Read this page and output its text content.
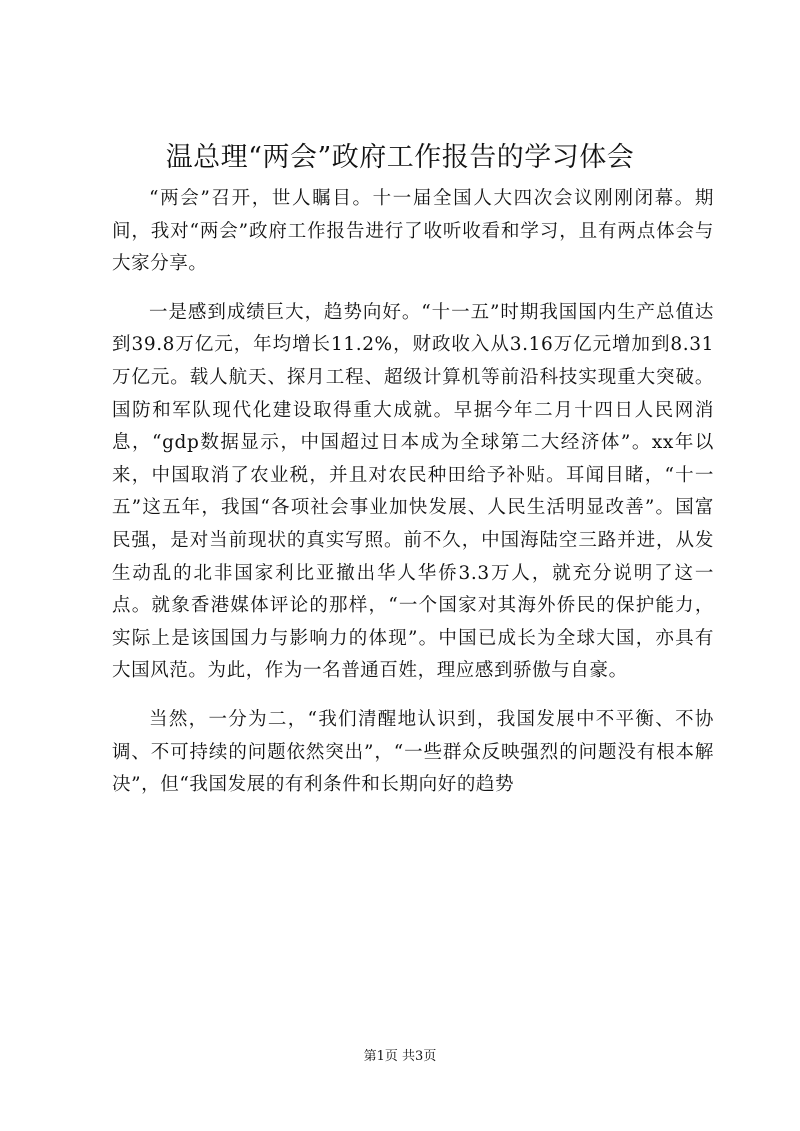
温总理“两会”政府工作报告的学习体会

“两会”召开，世人瞩目。十一届全国人大四次会议刚刚闭幕。期间，我对“两会”政府工作报告进行了收听收看和学习，且有两点体会与大家分享。

一是感到成绩巨大，趋势向好。“十一五”时期我国国内生产总值达到39.8万亿元，年均增长11.2%，财政收入从3.16万亿元增加到8.31万亿元。载人航天、探月工程、超级计算机等前沿科技实现重大突破。国防和军队现代化建设取得重大成就。早据今年二月十四日人民网消息，“gdp数据显示，中国超过日本成为全球第二大经济体”。xx年以来，中国取消了农业税，并且对农民种田给予补贴。耳闻目睹，“十一五”这五年，我国“各项社会事业加快发展、人民生活明显改善”。国富民强，是对当前现状的真实写照。前不久，中国海陆空三路并进，从发生动乱的北非国家利比亚撤出华人华侨3.3万人，就充分说明了这一点。就象香港媒体评论的那样，“一个国家对其海外侨民的保护能力，实际上是该国国力与影响力的体现”。中国已成长为全球大国，亦具有大国风范。为此，作为一名普通百姓，理应感到骄傲与自豪。

当然，一分为二，“我们清醒地认识到，我国发展中不平衡、不协调、不可持续的问题依然突出”，“一些群众反映强烈的问题没有根本解决”，但“我国发展的有利条件和长期向好的趋势

第1页 共3页
